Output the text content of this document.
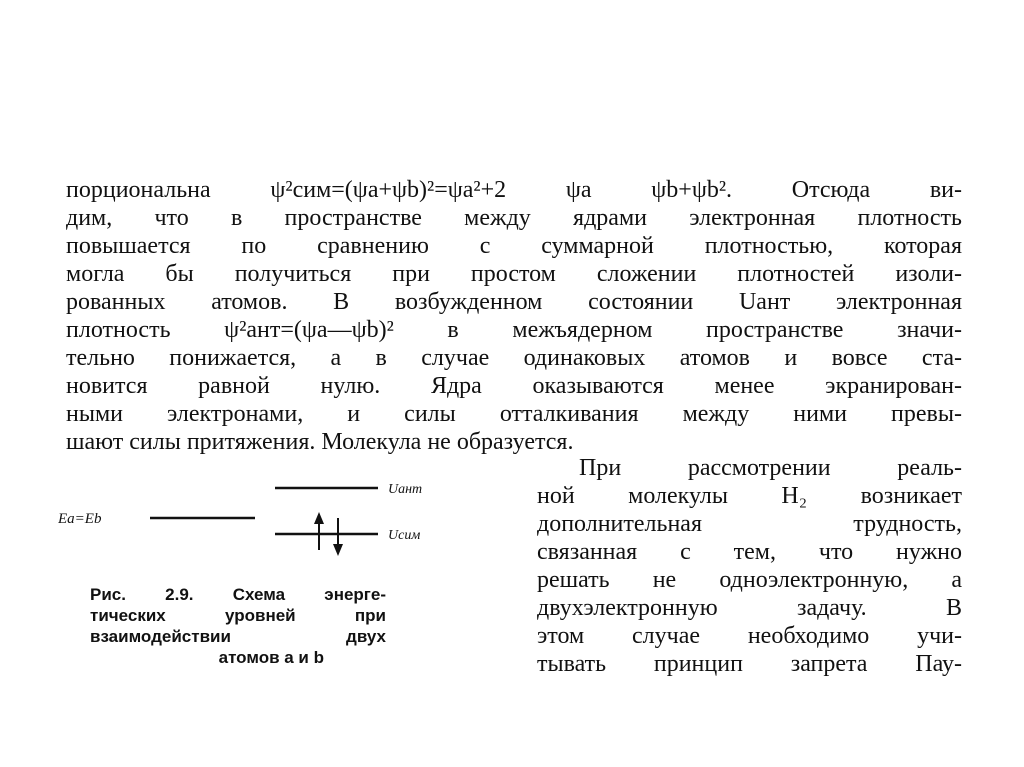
порциональна ψ²сим=(ψa+ψb)²=ψa²+2 ψa ψb+ψb². Отсюда ви-
дим, что в пространстве между ядрами электронная плотность
повышается по сравнению с суммарной плотностью, которая
могла бы получиться при простом сложении плотностей изоли-
рованных атомов. В возбужденном состоянии Uант электронная
плотность ψ²ант=(ψa—ψb)² в межъядерном пространстве значи-
тельно понижается, а в случае одинаковых атомов и вовсе ста-
новится равной нулю. Ядра оказываются менее экранирован-
ными электронами, и силы отталкивания между ними превы-
шают силы притяжения. Молекула не образуется.
При рассмотрении реаль-
ной молекулы H₂ возникает
дополнительная трудность,
связанная с тем, что нужно
решать не одноэлектронную, а
двухэлектронную задачу. В
этом случае необходимо учи-
тывать принцип запрета Пау-
Uант
Ea=Eb
Uсим
Рис. 2.9. Схема энерге-
тических уровней при
взаимодействии двух
атомов a и b
